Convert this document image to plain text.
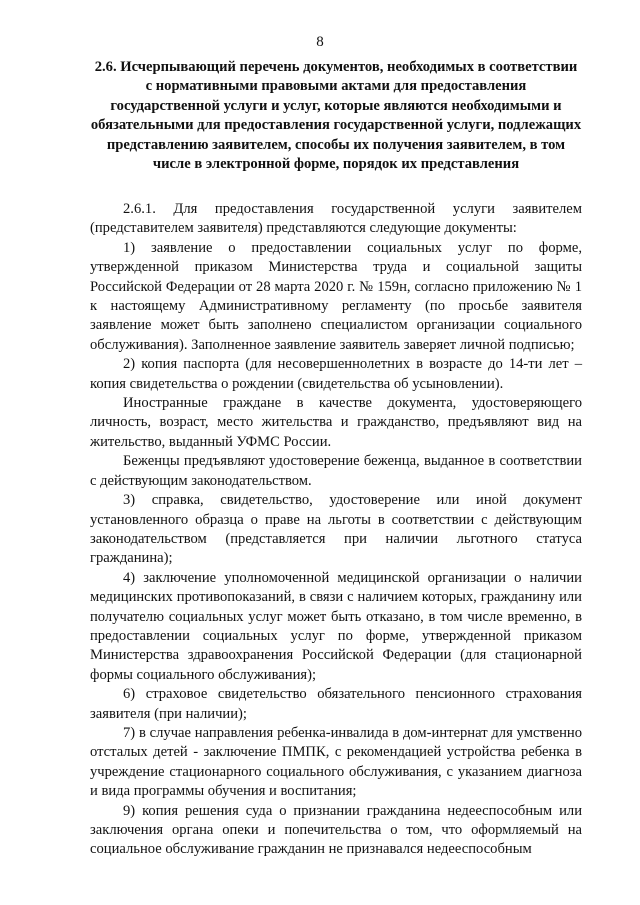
8
2.6. Исчерпывающий перечень документов, необходимых в соответствии с нормативными правовыми актами для предоставления государственной услуги и услуг, которые являются необходимыми и обязательными для предоставления государственной услуги, подлежащих представлению заявителем, способы их получения заявителем, в том числе в электронной форме, порядок их представления

2.6.1. Для предоставления государственной услуги заявителем (представителем заявителя) представляются следующие документы:

1) заявление о предоставлении социальных услуг по форме, утвержденной приказом Министерства труда и социальной защиты Российской Федерации от 28 марта 2020 г. № 159н, согласно приложению № 1 к настоящему Административному регламенту (по просьбе заявителя заявление может быть заполнено специалистом организации социального обслуживания). Заполненное заявление заявитель заверяет личной подписью;

2) копия паспорта (для несовершеннолетних в возрасте до 14-ти лет – копия свидетельства о рождении (свидетельства об усыновлении).

Иностранные граждане в качестве документа, удостоверяющего личность, возраст, место жительства и гражданство, предъявляют вид на жительство, выданный УФМС России.

Беженцы предъявляют удостоверение беженца, выданное в соответствии с действующим законодательством.

3) справка, свидетельство, удостоверение или иной документ установленного образца о праве на льготы в соответствии с действующим законодательством (представляется при наличии льготного статуса гражданина);

4) заключение уполномоченной медицинской организации о наличии медицинских противопоказаний, в связи с наличием которых, гражданину или получателю социальных услуг может быть отказано, в том числе временно, в предоставлении социальных услуг по форме, утвержденной приказом Министерства здравоохранения Российской Федерации (для стационарной формы социального обслуживания);

6) страховое свидетельство обязательного пенсионного страхования заявителя (при наличии);

7) в случае направления ребенка-инвалида в дом-интернат для умственно отсталых детей - заключение ПМПК, с рекомендацией устройства ребенка в учреждение стационарного социального обслуживания, с указанием диагноза и вида программы обучения и воспитания;

9) копия решения суда о признании гражданина недееспособным или заключения органа опеки и попечительства о том, что оформляемый на социальное обслуживание гражданин не признавался недееспособным
